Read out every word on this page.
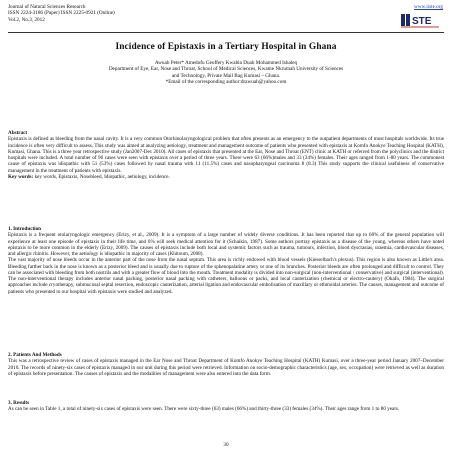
Journal of Natural Sciences Research
ISSN 2224-3186 (Paper) ISSN 2225-0921 (Online)
Vol.2, No.3, 2012
www.iiste.org
STE
Incidence of Epistaxis in a Tertiary Hospital in Ghana
Awuah Peter* Amedofu Geoffery Kwabla Duah Mohammed Ishaleq
Department of Eye, Ear, Nose and Throat, School of Medical Sciences, Kwame Nkrumah University of Sciences
and Technology, Private Mail Bag Kumasi – Ghana.
*Email of the corresponding author:drawuah@yahoo.com
Abstract

Epistaxis is defined as bleeding from the nasal cavity. It is a very common Otorhinolaryngological problem that often presents as an emergency to the outpatient departments of most hospitals worldwide. Its true incidence is often very difficult to assess. This study was aimed at analyzing aetiology, treatment and management outcome of patients who presented with epistaxis at Komfo Anokye Teaching Hospital (KATH), Kumasi, Ghana. This is a three year retrospective study (Jan2007-Dec 2010). All cases of epistaxis that presented at the Ear, Nose and Throat (ENT) clinic at KATH or referred from the polyclinics and the district hospitals were included. A total number of 96 cases were seen with epistaxis over a period of three years. There were 63 (66%)males and 33 (34%) females. Their ages ranged from 1-80 years. The commonest cause of epistaxis was idiopathic with 51 (53%) cases followed by nasal trauma with 11 (11.5%) cases and nasopharyngeal carcinoma 8 (8.3) This study supports the clinical usefulness of conservative management in the treatment of patients with epistaxis.

Key words: key words, Epistaxis, Nosebleed, Idiopathic, aetiology, incidence.

1. Introduction

Epistaxis is a frequent otolaryngologic emergency (Erizy, et al., 2009). It is a symptom of a large number of widely diverse conditions. It has been reported that up to 60% of the general population will experience at least one episode of epistaxis in their life time, and 6% will seek medical attention for it (Schaikin, 1987). Some authors portray epistaxis as a disease of the young, whereas others have noted epistaxis to be more common in the elderly (Erizy, 2009). The causes of epistaxis include both local and systemic factors such as trauma, tumours, infection, blood dyscrasias, uraemia, cardiovascular diseases, and allergic rhinitis. However, the aetiology is idiopathic in majority of cases (Khitoum, 2008).

The vast majority of nose bleeds occur in the anterior part of the nose from the nasal septum. This area is richly endowed with blood vessels (Kiesselbach's plexus). This region is also known as Little's area. Bleeding farther back in the nose is known as a posterior bleed and is usually due to rupture of the sphenopalatine artery or one of its branches. Posterior bleeds are often prolonged and difficult to control. They can be associated with bleeding from both nostrils and with a greater flow of blood into the mouth. Treatment modality is divided into non-surgical (non-interventional / conservative) and surgical (interventional). The non-interventional therapy includes anterior nasal packing, posterior nasal packing with catheters, balloons or packs, and local cauterization (chemical or electro-cautery) (Okafo, 1984). The surgical approaches include cryotherapy, submucosal septal resection, endoscopic cauterization, arterial ligation and endovascular embolisation of maxillary or ethmoidal arteries. The causes, management and outcome of patients who presented to our hospital with epistaxis were studied and analyzed.

2. Patients And Methods

This was a retrospective review of cases of epistaxis managed in the Ear Nose and Throat Department of Komfo Anokye Teaching Hospital (KATH) Kumasi, over a three-year period January 2007–December 2010. The records of ninety-six cases of epistaxis managed in our unit during this period were retrieved. Information on socio-demographic characteristics (age, sex, occupation) were retrieved as well as duration of epistaxis before presentation. The causes of epistaxis and the modalities of management were also entered into the data form.

3. Results

As can be seen in Table 1, a total of ninety-six cases of epistaxis were seen. There were sixty-three (63) males (66%) and thirty-three (33) females (34%). Their ages range from 1 to 80 years.

30
